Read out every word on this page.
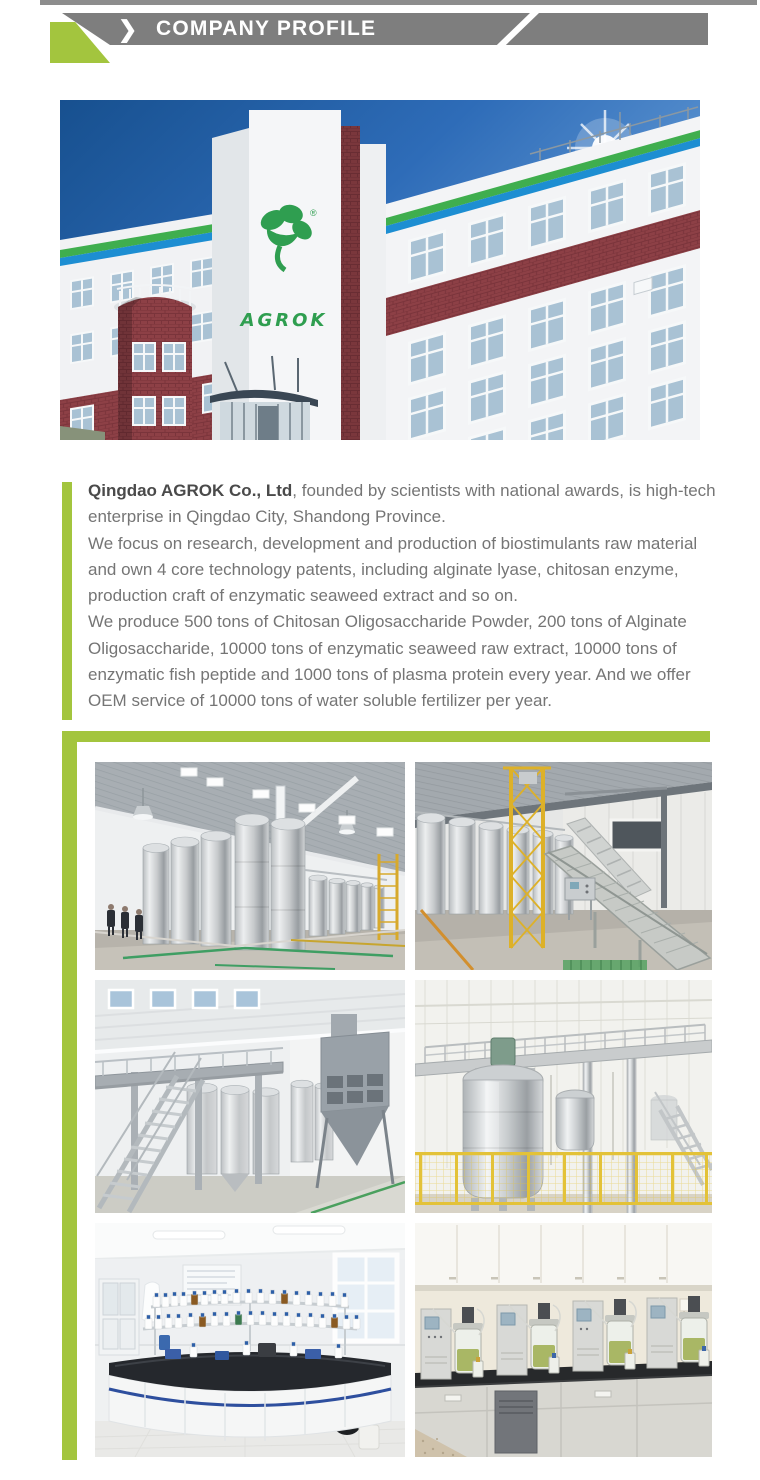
❯ COMPANY PROFILE
®
AGROK

Qingdao AGROK Co., Ltd, founded by scientists with national awards, is high-tech enterprise in Qingdao City, Shandong Province.

We focus on research, development and production of biostimulants raw material and own 4 core technology patents, including alginate lyase, chitosan enzyme, production craft of enzymatic seaweed extract and so on.

We produce 500 tons of Chitosan Oligosaccharide Powder, 200 tons of Alginate Oligosaccharide, 10000 tons of enzymatic seaweed raw extract, 10000 tons of enzymatic fish peptide and 1000 tons of plasma protein every year. And we offer OEM service of 10000 tons of water soluble fertilizer per year.
